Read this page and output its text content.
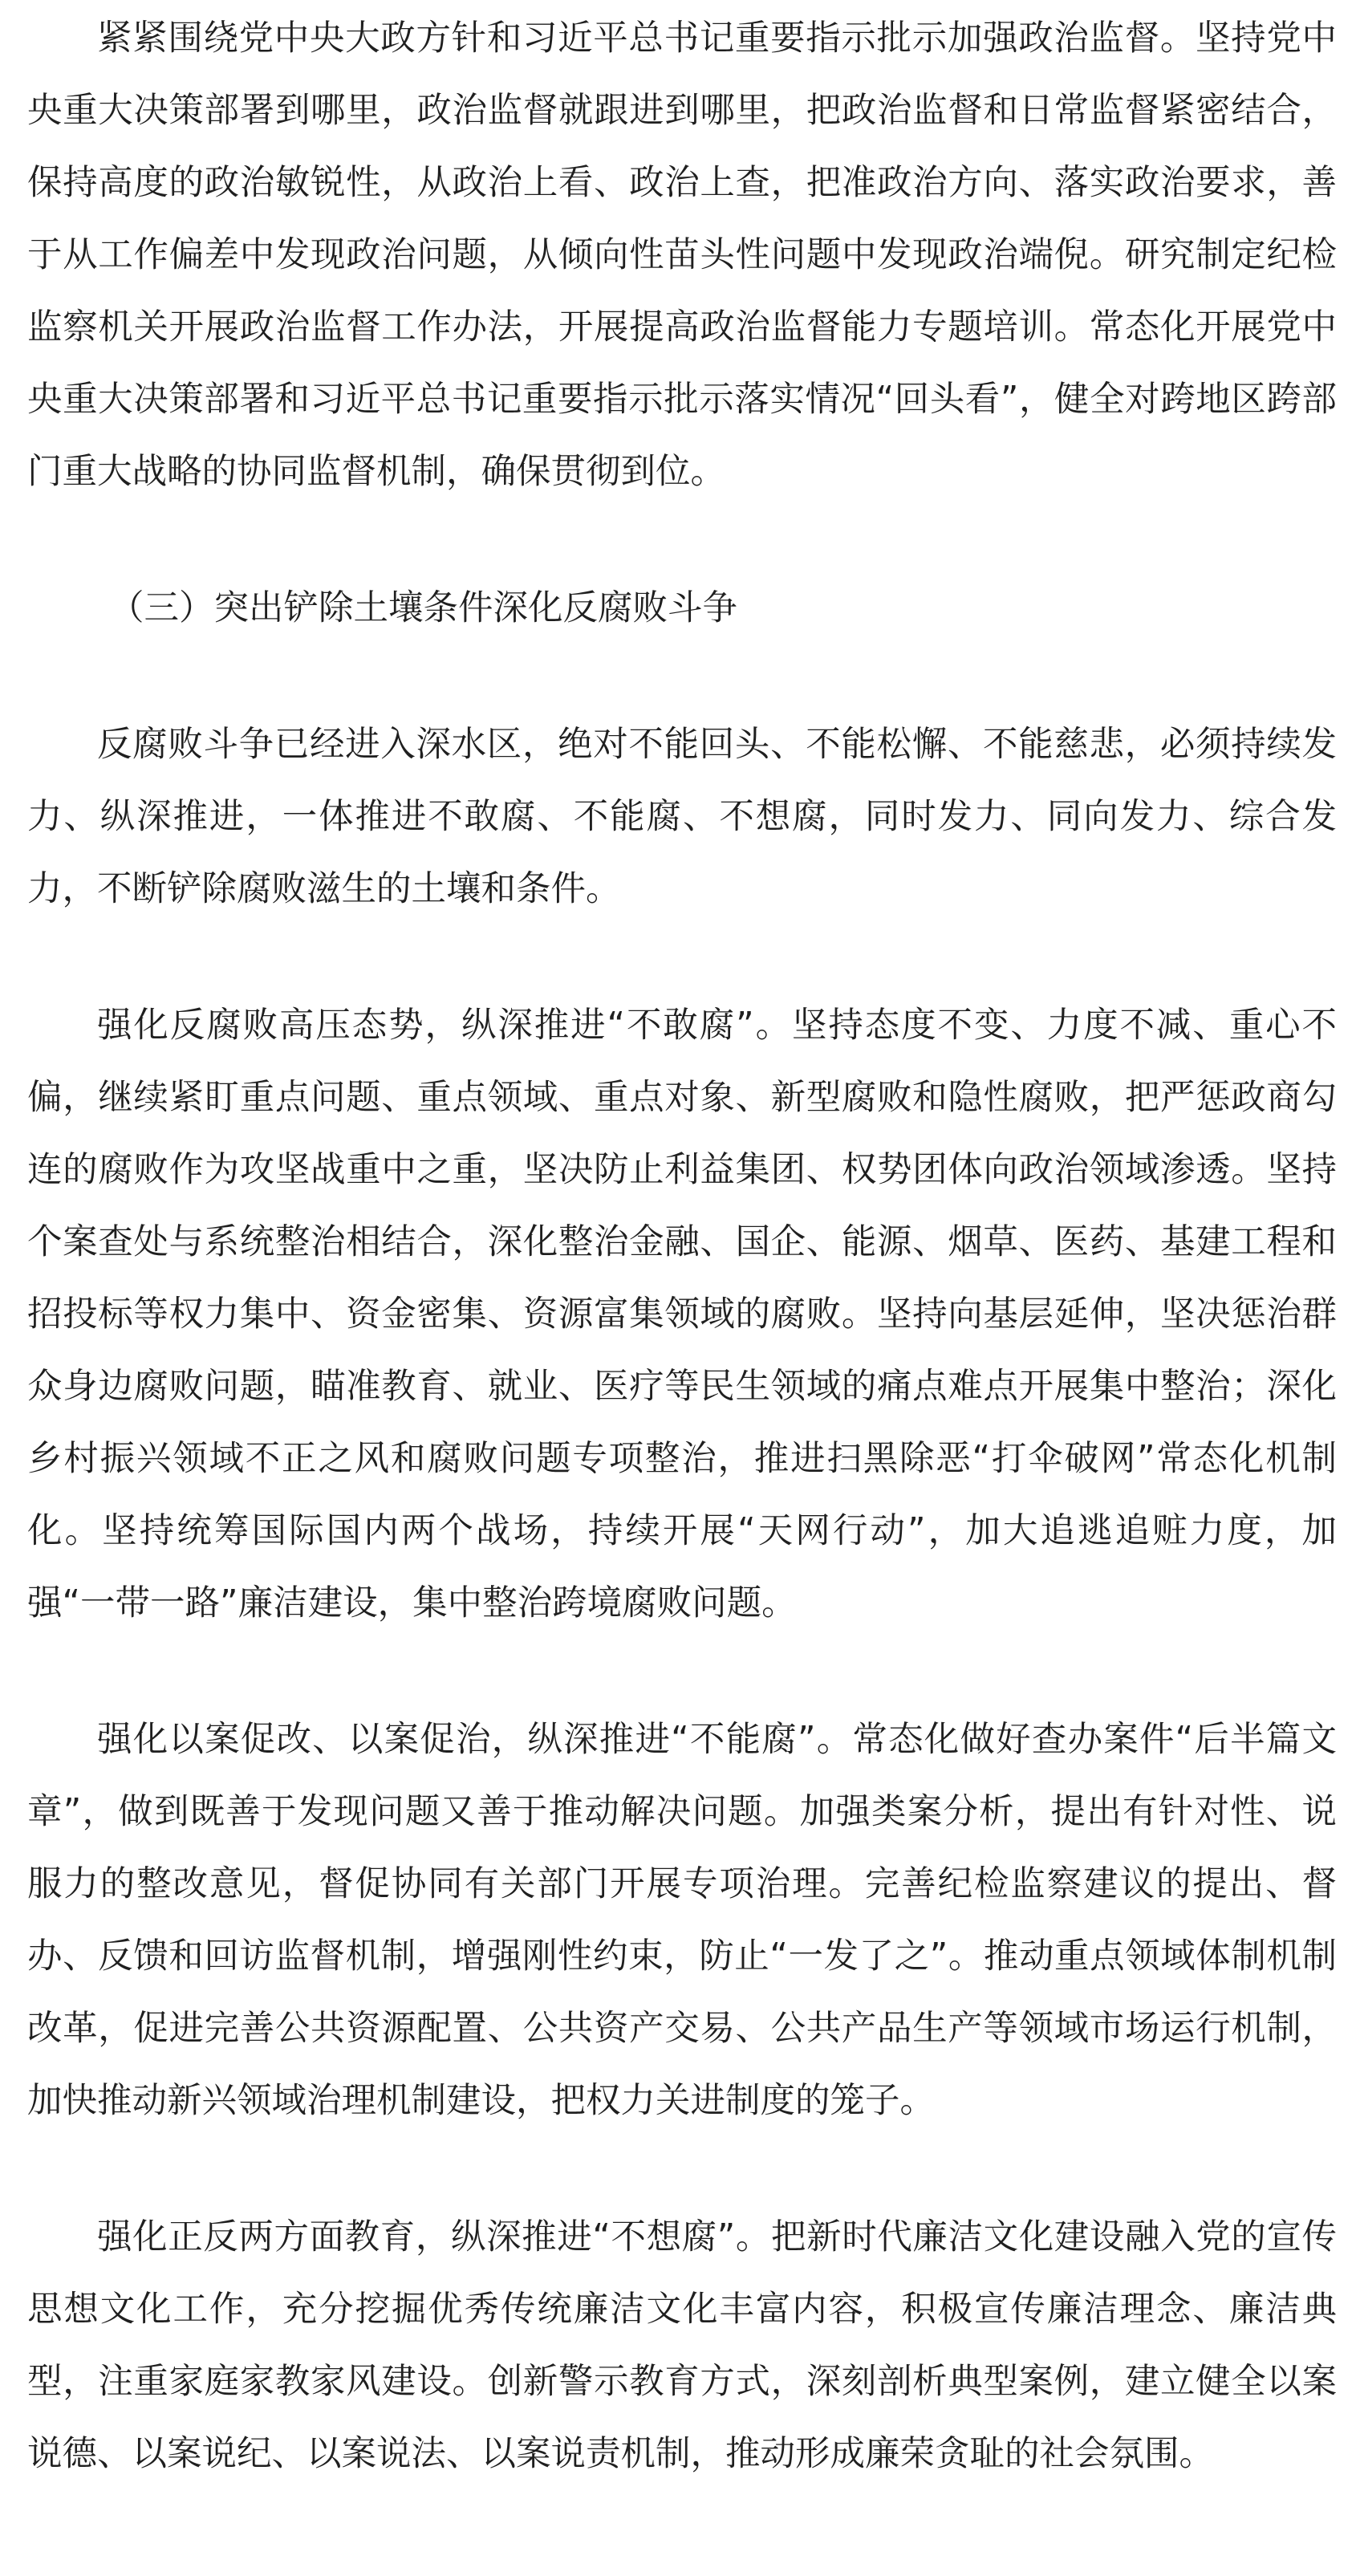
紧紧围绕党中央大政方针和习近平总书记重要指示批示加强政治监督。坚持党中央重大决策部署到哪里，政治监督就跟进到哪里，把政治监督和日常监督紧密结合，保持高度的政治敏锐性，从政治上看、政治上查，把准政治方向、落实政治要求，善于从工作偏差中发现政治问题，从倾向性苗头性问题中发现政治端倪。研究制定纪检监察机关开展政治监督工作办法，开展提高政治监督能力专题培训。常态化开展党中央重大决策部署和习近平总书记重要指示批示落实情况“回头看”，健全对跨地区跨部门重大战略的协同监督机制，确保贯彻到位。

（三）突出铲除土壤条件深化反腐败斗争

反腐败斗争已经进入深水区，绝对不能回头、不能松懈、不能慈悲，必须持续发力、纵深推进，一体推进不敢腐、不能腐、不想腐，同时发力、同向发力、综合发力，不断铲除腐败滋生的土壤和条件。

强化反腐败高压态势，纵深推进“不敢腐”。坚持态度不变、力度不减、重心不偏，继续紧盯重点问题、重点领域、重点对象、新型腐败和隐性腐败，把严惩政商勾连的腐败作为攻坚战重中之重，坚决防止利益集团、权势团体向政治领域渗透。坚持个案查处与系统整治相结合，深化整治金融、国企、能源、烟草、医药、基建工程和招投标等权力集中、资金密集、资源富集领域的腐败。坚持向基层延伸，坚决惩治群众身边腐败问题，瞄准教育、就业、医疗等民生领域的痛点难点开展集中整治；深化乡村振兴领域不正之风和腐败问题专项整治，推进扫黑除恶“打伞破网”常态化机制化。坚持统筹国际国内两个战场，持续开展“天网行动”，加大追逃追赃力度，加强“一带一路”廉洁建设，集中整治跨境腐败问题。

强化以案促改、以案促治，纵深推进“不能腐”。常态化做好查办案件“后半篇文章”，做到既善于发现问题又善于推动解决问题。加强类案分析，提出有针对性、说服力的整改意见，督促协同有关部门开展专项治理。完善纪检监察建议的提出、督办、反馈和回访监督机制，增强刚性约束，防止“一发了之”。推动重点领域体制机制改革，促进完善公共资源配置、公共资产交易、公共产品生产等领域市场运行机制，加快推动新兴领域治理机制建设，把权力关进制度的笼子。

强化正反两方面教育，纵深推进“不想腐”。把新时代廉洁文化建设融入党的宣传思想文化工作，充分挖掘优秀传统廉洁文化丰富内容，积极宣传廉洁理念、廉洁典型，注重家庭家教家风建设。创新警示教育方式，深刻剖析典型案例，建立健全以案说德、以案说纪、以案说法、以案说责机制，推动形成廉荣贪耻的社会氛围。
